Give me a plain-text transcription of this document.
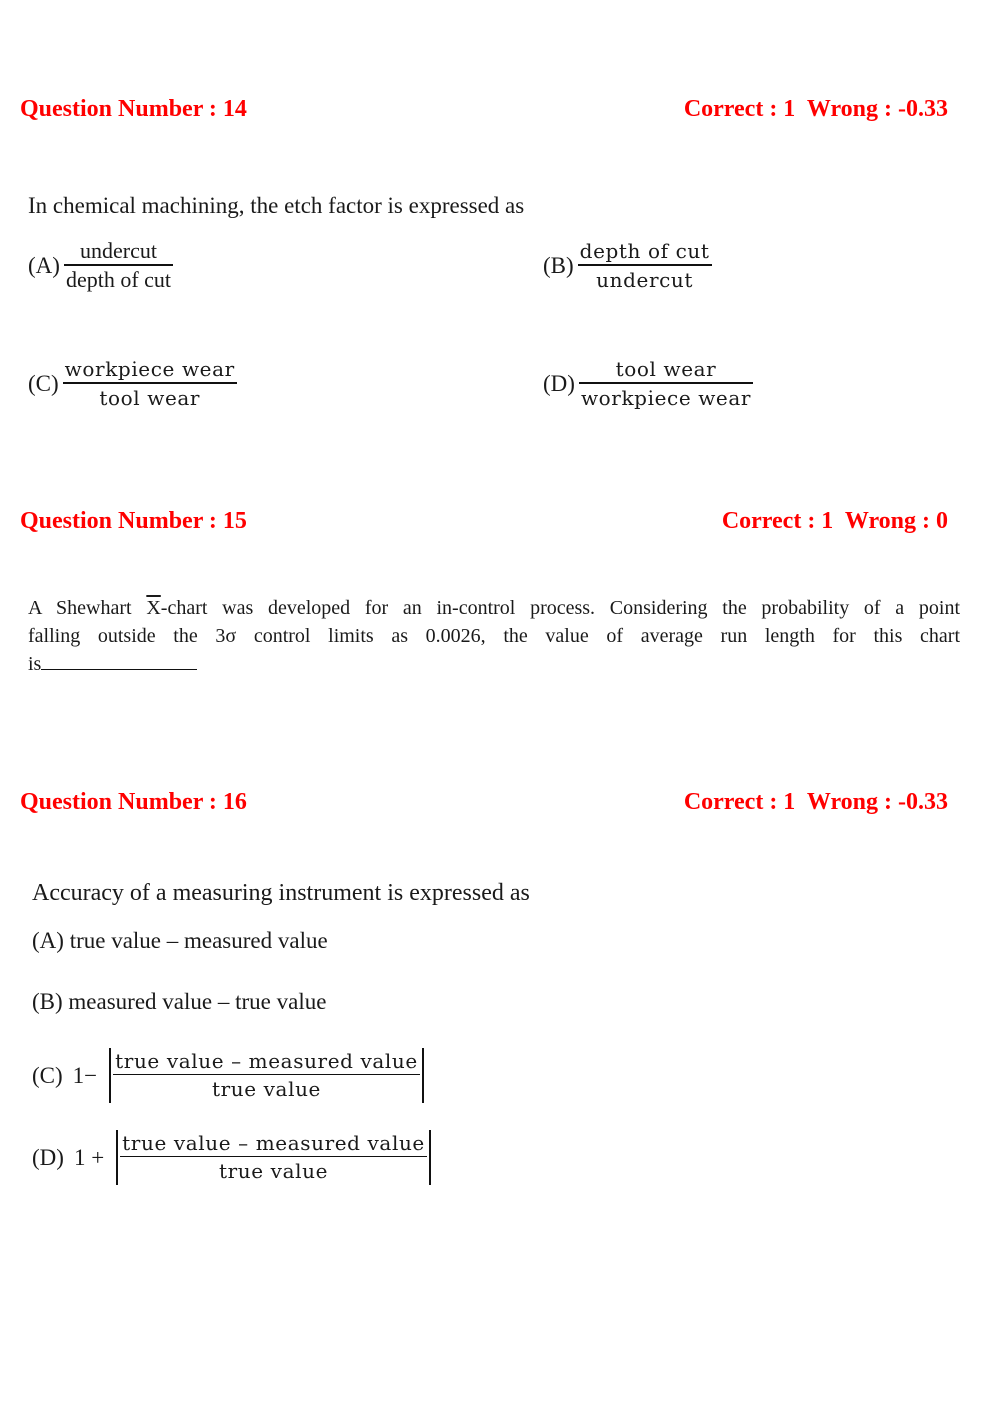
Question Number : 14	Correct : 1  Wrong : -0.33
In chemical machining, the etch factor is expressed as
$(A) \frac{\text{undercut}}{\text{depth of cut}}$	$(B) \frac{\text{depth of cut}}{\text{undercut}}$
$(C) \frac{\text{workpiece wear}}{\text{tool wear}}$	$(D) \frac{\text{tool wear}}{\text{workpiece wear}}$
Question Number : 15	Correct : 1  Wrong : 0
A Shewhart $\overline{X}$-chart was developed for an in-control process. Considering the probability of a point
falling outside the 3σ control limits as 0.0026, the value of average run length for this chart
is
Question Number : 16	Correct : 1  Wrong : -0.33
Accuracy of a measuring instrument is expressed as
(A) true value – measured value
(B) measured value – true value
(C) $1- \frac{\text{true value – measured value}}{\text{true value}}$
(D) $1 + \frac{\text{true value – measured value}}{\text{true value}}$
